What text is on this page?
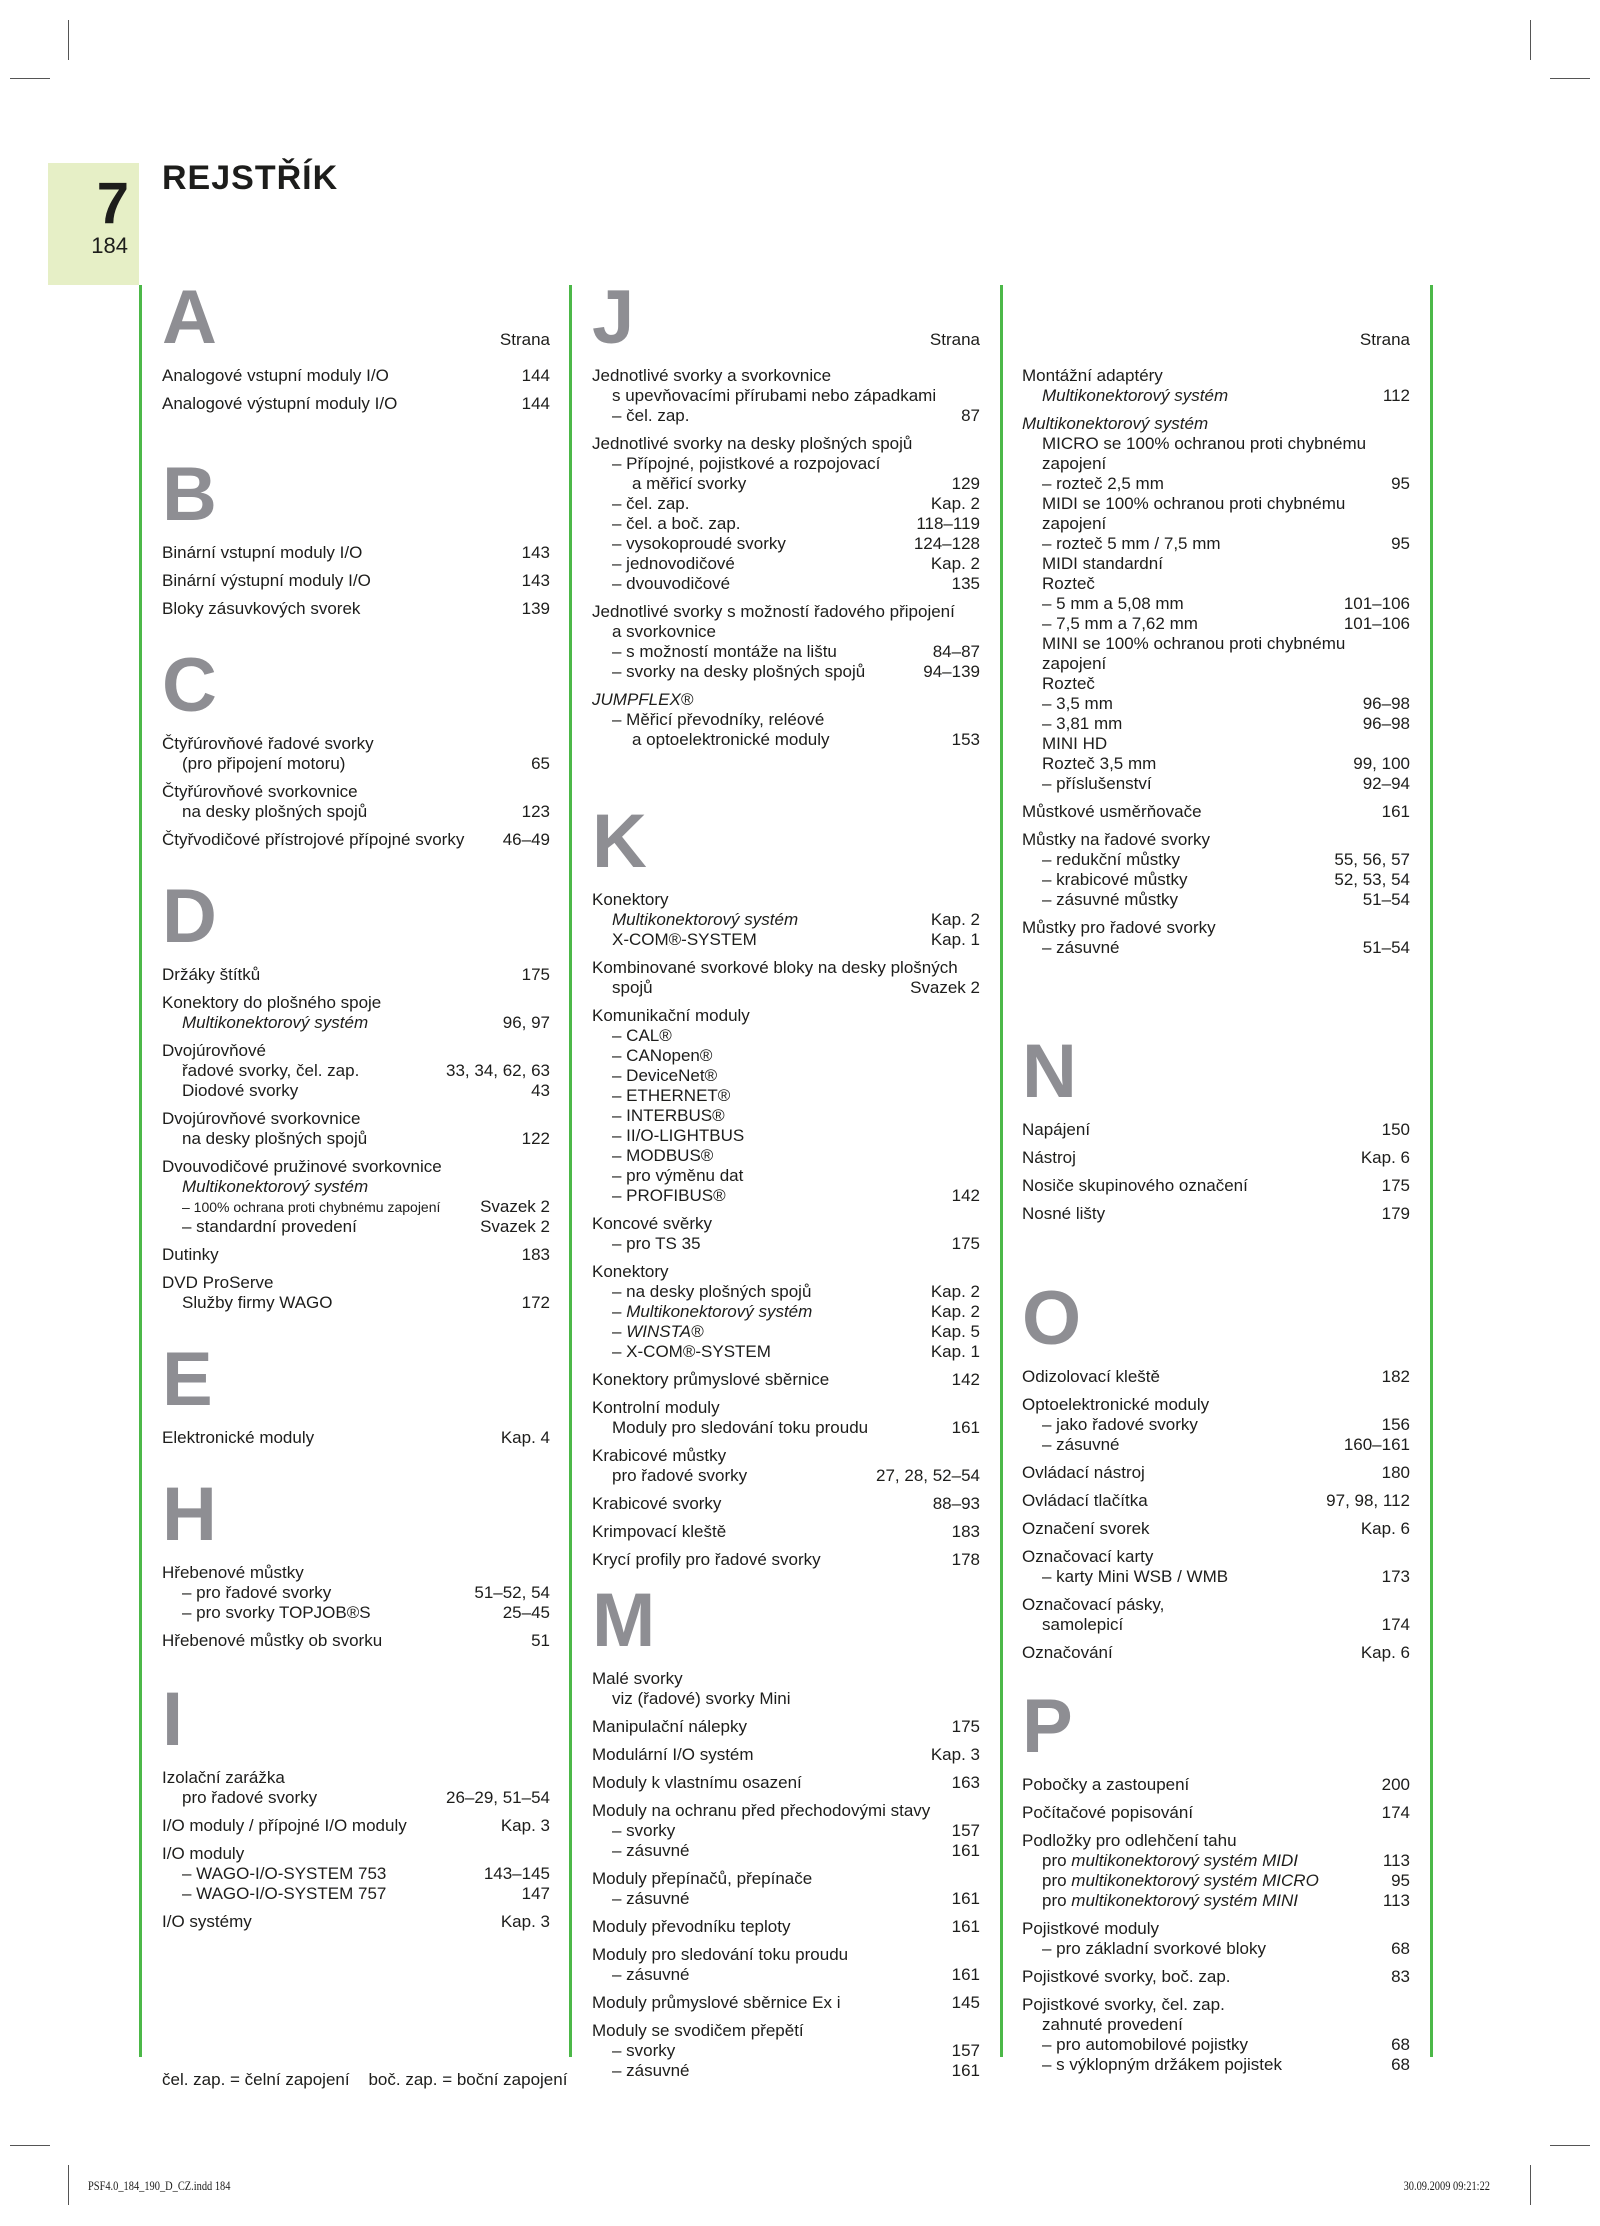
7
184
REJSTŘÍK
A	Strana
Analogové vstupní moduly I/O	144
Analogové výstupní moduly I/O	144
B
Binární vstupní moduly I/O	143
Binární výstupní moduly I/O	143
Bloky zásuvkových svorek	139
C
Čtyřúrovňové řadové svorky
(pro připojení motoru)	65
Čtyřúrovňové svorkovnice
na desky plošných spojů	123
Čtyřvodičové přístrojové přípojné svorky	46–49
D
Držáky štítků	175
Konektory do plošného spoje
Multikonektorový systém	96, 97
Dvojúrovňové
řadové svorky, čel. zap.	33, 34, 62, 63
Diodové svorky	43
Dvojúrovňové svorkovnice
na desky plošných spojů	122
Dvouvodičové pružinové svorkovnice
Multikonektorový systém
– 100% ochrana proti chybnému zapojení	Svazek 2
– standardní provedení	Svazek 2
Dutinky	183
DVD ProServe
Služby firmy WAGO	172
E
Elektronické moduly	Kap. 4
H
Hřebenové můstky
– pro řadové svorky	51–52, 54
– pro svorky TOPJOB®S	25–45
Hřebenové můstky ob svorku	51
I
Izolační zarážka
pro řadové svorky	26–29, 51–54
I/O moduly / přípojné I/O moduly	Kap. 3
I/O moduly
– WAGO-I/O-SYSTEM 753	143–145
– WAGO-I/O-SYSTEM 757	147
I/O systémy	Kap. 3
J	Strana
Jednotlivé svorky a svorkovnice
s upevňovacími přírubami nebo západkami
– čel. zap.	87
Jednotlivé svorky na desky plošných spojů
– Přípojné, pojistkové a rozpojovací
a měřicí svorky	129
– čel. zap.	Kap. 2
– čel. a boč. zap.	118–119
– vysokoproudé svorky	124–128
– jednovodičové	Kap. 2
– dvouvodičové	135
Jednotlivé svorky s možností řadového připojení
a svorkovnice
– s možností montáže na lištu	84–87
– svorky na desky plošných spojů	94–139
JUMPFLEX®
– Měřicí převodníky, reléové
a optoelektronické moduly	153
K
Konektory
Multikonektorový systém	Kap. 2
X-COM®-SYSTEM	Kap. 1
Kombinované svorkové bloky na desky plošných
spojů	Svazek 2
Komunikační moduly
– CAL®
– CANopen®
– DeviceNet®
– ETHERNET®
– INTERBUS®
– II/O-LIGHTBUS
– MODBUS®
– pro výměnu dat
– PROFIBUS®	142
Koncové svěrky
– pro TS 35	175
Konektory
– na desky plošných spojů	Kap. 2
– Multikonektorový systém	Kap. 2
– WINSTA®	Kap. 5
– X-COM®-SYSTEM	Kap. 1
Konektory průmyslové sběrnice	142
Kontrolní moduly
Moduly pro sledování toku proudu	161
Krabicové můstky
pro řadové svorky	27, 28, 52–54
Krabicové svorky	88–93
Krimpovací kleště	183
Krycí profily pro řadové svorky	178
M
Malé svorky
viz (řadové) svorky Mini
Manipulační nálepky	175
Modulární I/O systém	Kap. 3
Moduly k vlastnímu osazení	163
Moduly na ochranu před přechodovými stavy
– svorky	157
– zásuvné	161
Moduly přepínačů, přepínače
– zásuvné	161
Moduly převodníku teploty	161
Moduly pro sledování toku proudu
– zásuvné	161
Moduly průmyslové sběrnice Ex i	145
Moduly se svodičem přepětí
– svorky	157
– zásuvné	161
Strana
Montážní adaptéry
Multikonektorový systém	112
Multikonektorový systém
MICRO se 100% ochranou proti chybnému
zapojení
– rozteč 2,5 mm	95
MIDI se 100% ochranou proti chybnému
zapojení
– rozteč 5 mm / 7,5 mm	95
MIDI standardní
Rozteč
– 5 mm a 5,08 mm	101–106
– 7,5 mm a 7,62 mm	101–106
MINI se 100% ochranou proti chybnému
zapojení
Rozteč
– 3,5 mm	96–98
– 3,81 mm	96–98
MINI HD
Rozteč 3,5 mm	99, 100
– příslušenství	92–94
Můstkové usměrňovače	161
Můstky na řadové svorky
– redukční můstky	55, 56, 57
– krabicové můstky	52, 53, 54
– zásuvné můstky	51–54
Můstky pro řadové svorky
– zásuvné	51–54
N
Napájení	150
Nástroj	Kap. 6
Nosiče skupinového označení	175
Nosné lišty	179
O
Odizolovací kleště	182
Optoelektronické moduly
– jako řadové svorky	156
– zásuvné	160–161
Ovládací nástroj	180
Ovládací tlačítka	97, 98, 112
Označení svorek	Kap. 6
Označovací karty
– karty Mini WSB / WMB	173
Označovací pásky,
samolepicí	174
Označování	Kap. 6
P
Pobočky a zastoupení	200
Počítačové popisování	174
Podložky pro odlehčení tahu
pro multikonektorový systém MIDI	113
pro multikonektorový systém MICRO	95
pro multikonektorový systém MINI	113
Pojistkové moduly
– pro základní svorkové bloky	68
Pojistkové svorky, boč. zap.	83
Pojistkové svorky, čel. zap.
zahnuté provedení
– pro automobilové pojistky	68
– s výklopným držákem pojistek	68
čel. zap. = čelní zapojení    boč. zap. = boční zapojení
PSF4.0_184_190_D_CZ.indd 184	30.09.2009 09:21:22
